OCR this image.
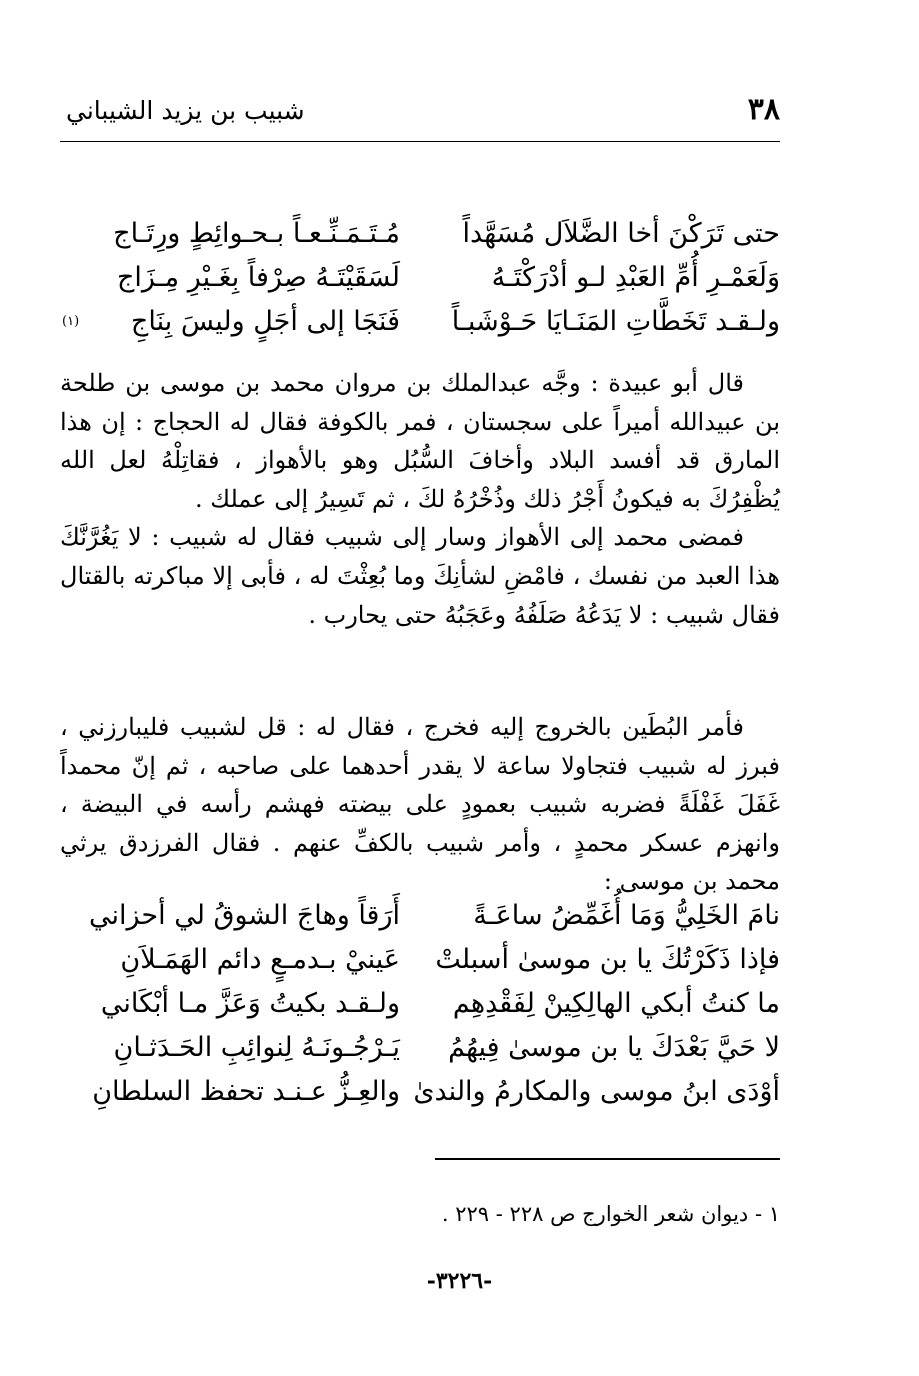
٣٨
شبيب بن يزيد الشيباني
حتى تَرَكْنَ أخا الضَّلاَل مُسَهَّداً
مُـتَـمَـنِّـعـاً بـحـوائِطٍ ورِتَـاج
وَلَعَمْـرِ أُمِّ العَبْدِ لـو أدْرَكْتَـهُ
لَسَقَيْتَـهُ صِرْفاً بِغَـيْرِ مِـزَاج
ولـقـد تَخَطَّاتِ المَنَـايَا حَـوْشَبـاً
فَنَجَا إلى أجَلٍ وليسَ بِنَاجِ
(١)

قال أبو عبيدة : وجَّه عبدالملك بن مروان محمد بن موسى بن طلحة بن عبيدالله أميراً على سجستان ، فمر بالكوفة فقال له الحجاج : إن هذا المارق قد أفسد البلاد وأخافَ السُّبُل وهو بالأهواز ، فقاتِلْهُ لعل الله يُظْفِرُكَ به فيكونُ أَجْرُ ذلك وذُخْرُهُ لكَ ، ثم تَسِيرُ إلى عملك .

فمضى محمد إلى الأهواز وسار إلى شبيب فقال له شبيب : لا يَغُرَّنَّكَ هذا العبد من نفسك ، فامْضِ لشأنِكَ وما بُعِثْتَ له ، فأبى إلا مباكرته بالقتال فقال شبيب : لا يَدَعُهُ صَلَفُهُ وعَجَبُهُ حتى يحارب .

فأمر البُطَين بالخروج إليه فخرج ، فقال له : قل لشبيب فليبارزني ، فبرز له شبيب فتجاولا ساعة لا يقدر أحدهما على صاحبه ، ثم إنّ محمداً غَفَلَ غَفْلَةً فضربه شبيب بعمودٍ على بيضته فهشم رأسه في البيضة ، وانهزم عسكر محمدٍ ، وأمر شبيب بالكفِّ عنهم . فقال الفرزدق يرثي محمد بن موسى :

نامَ الخَلِيُّ وَمَا أُغَمِّضُ ساعَـةً
أَرَقاً وهاجَ الشوقُ لي أحزاني
فإذا ذَكَرْتُكَ يا بن موسىٰ أسبلتْ
عَينيْ بـدمـعٍ دائم الهَمَـلاَنِ
ما كنتُ أبكي الهالِكِينْ لِفَقْدِهِم
ولـقـد بكيتُ وَعَزَّ مـا أبْكَاني
لا حَيَّ بَعْدَكَ يا بن موسىٰ فِيهُمُ
يَـرْجُـونَـهُ لِنوائِبِ الحَـدَثـانِ
أوْدَى ابنُ موسى والمكارمُ والندىٰ
والعِـزُّ عـنـد تحفظ السلطانِ
١ - ديوان شعر الخوارج ص ٢٢٨ - ٢٢٩ .
-٣٢٢٦-
